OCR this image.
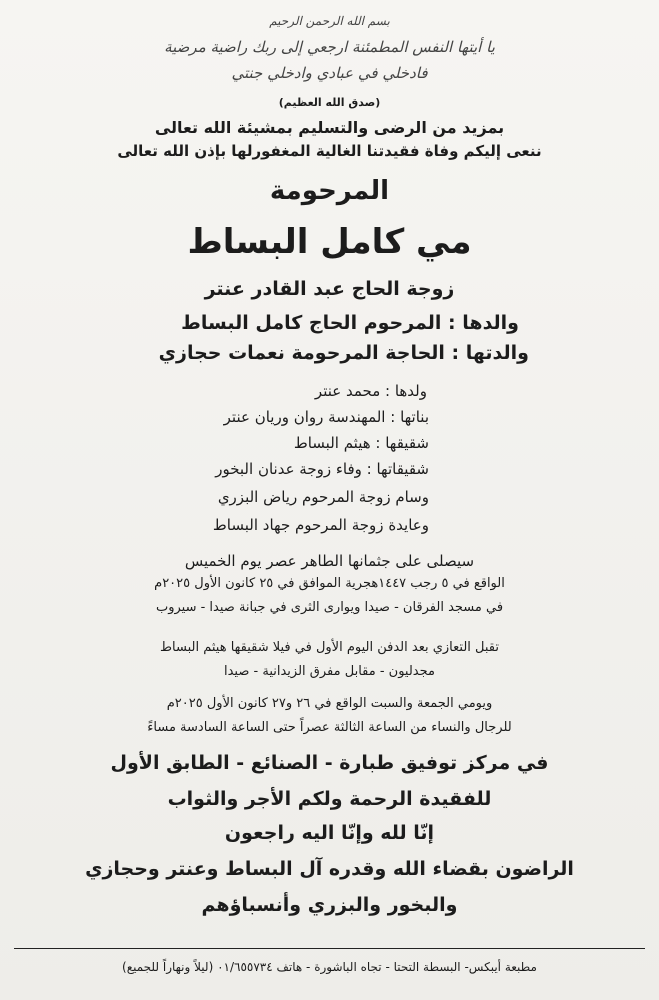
بسم الله الرحمن الرحيم
يا أيتها النفس المطمئنة ارجعي إلى ربك راضية مرضية
فادخلي في عبادي وادخلي جنتي
(صدق الله العظيم)
بمزيد من الرضى والتسليم بمشيئة الله تعالى
ننعى إليكم وفاة فقيدتنا الغالية المغفورلها بإذن الله تعالى
المرحومة
مي كامل البساط
زوجة الحاج عبد القادر عنتر
والدها : المرحوم الحاج كامل البساط
والدتها : الحاجة المرحومة نعمات حجازي
ولدها : محمد عنتر
بناتها : المهندسة روان وريان عنتر
شقيقها : هيثم البساط
شقيقاتها : وفاء زوجة عدنان البخور
وسام زوجة المرحوم رياض البزري
وعايدة زوجة المرحوم جهاد البساط
سيصلى على جثمانها الطاهر عصر يوم الخميس
الواقع في ٥ رجب ١٤٤٧هجرية الموافق في ٢٥ كانون الأول ٢٠٢٥م
في مسجد الفرقان - صيدا ويوارى الثرى في جبانة صيدا - سيروب
تقبل التعازي بعد الدفن اليوم الأول في فيلا شقيقها هيثم البساط
مجدليون - مقابل مفرق الزيدانية - صيدا
ويومي الجمعة والسبت الواقع في ٢٦ و٢٧ كانون الأول ٢٠٢٥م
للرجال والنساء من الساعة الثالثة عصراً حتى الساعة السادسة مساءً
في مركز توفيق طبارة - الصنائع - الطابق الأول
للفقيدة الرحمة ولكم الأجر والثواب
إنّا لله وإنّا اليه راجعون
الراضون بقضاء الله وقدره آل البساط وعنتر وحجازي
والبخور والبزري وأنسباؤهم
مطبعة أيبكس- البسطة التحتا - تجاه الباشورة - هاتف ٠١/٦٥٥٧٣٤ (ليلاً ونهاراً للجميع)
